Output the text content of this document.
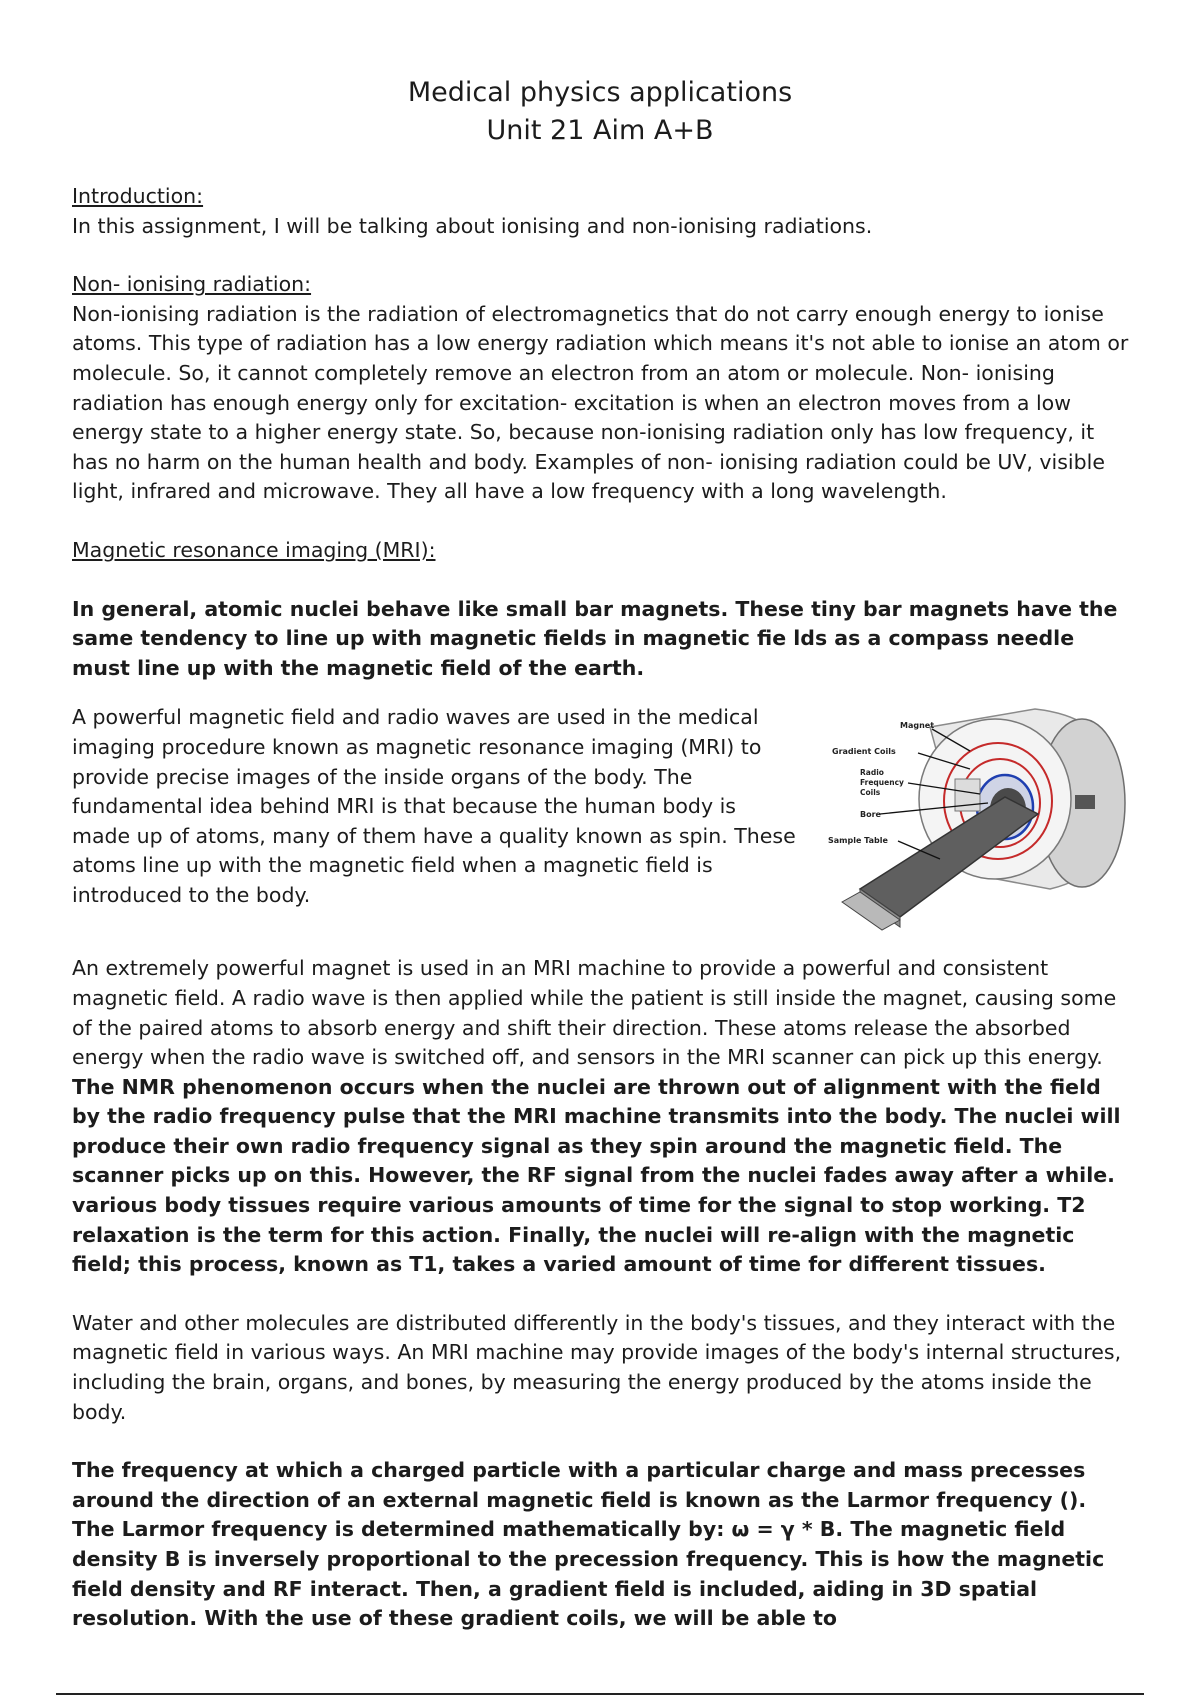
Medical physics applications

Unit 21 Aim A+B

Introduction:

In this assignment, I will be talking about ionising and non-ionising radiations.

Non- ionising radiation:

Non-ionising radiation is the radiation of electromagnetics that do not carry enough energy to ionise atoms. This type of radiation has a low energy radiation which means it's not able to ionise an atom or molecule. So, it cannot completely remove an electron from an atom or molecule. Non- ionising radiation has enough energy only for excitation- excitation is when an electron moves from a low energy state to a higher energy state. So, because non-ionising radiation only has low frequency, it has no harm on the human health and body. Examples of non- ionising radiation could be UV, visible light, infrared and microwave. They all have a low frequency with a long wavelength.

Magnetic resonance imaging (MRI):

In general, atomic nuclei behave like small bar magnets. These tiny bar magnets have the same tendency to line up with magnetic fields in magnetic fie lds as a compass needle must line up with the magnetic field of the earth.

A powerful magnetic field and radio waves are used in the medical imaging procedure known as magnetic resonance imaging (MRI) to provide precise images of the inside organs of the body. The fundamental idea behind MRI is that because the human body is made up of atoms, many of them have a quality known as spin. These atoms line up with the magnetic field when a magnetic field is introduced to the body.

Magnet
Gradient Coils
Radio
Frequency
Coils
Bore
Sample Table

An extremely powerful magnet is used in an MRI machine to provide a powerful and consistent magnetic field. A radio wave is then applied while the patient is still inside the magnet, causing some of the paired atoms to absorb energy and shift their direction. These atoms release the absorbed energy when the radio wave is switched off, and sensors in the MRI scanner can pick up this energy. The NMR phenomenon occurs when the nuclei are thrown out of alignment with the field by the radio frequency pulse that the MRI machine transmits into the body. The nuclei will produce their own radio frequency signal as they spin around the magnetic field. The scanner picks up on this. However, the RF signal from the nuclei fades away after a while. various body tissues require various amounts of time for the signal to stop working. T2 relaxation is the term for this action. Finally, the nuclei will re-align with the magnetic field; this process, known as T1, takes a varied amount of time for different tissues.

Water and other molecules are distributed differently in the body's tissues, and they interact with the magnetic field in various ways. An MRI machine may provide images of the body's internal structures, including the brain, organs, and bones, by measuring the energy produced by the atoms inside the body.

The frequency at which a charged particle with a particular charge and mass precesses around the direction of an external magnetic field is known as the Larmor frequency (). The Larmor frequency is determined mathematically by: ω = γ * B. The magnetic field density B is inversely proportional to the precession frequency. This is how the magnetic field density and RF interact. Then, a gradient field is included, aiding in 3D spatial resolution. With the use of these gradient coils, we will be able to
